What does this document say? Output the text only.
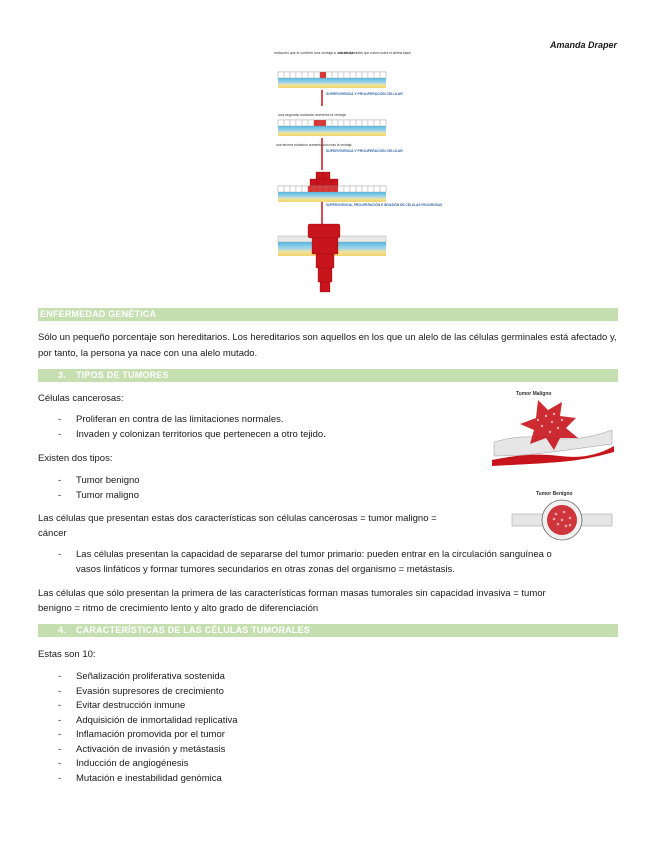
Amanda Draper
mutación que le confiere una ventaja a una célula
células epiteliales que crecen sobre la lámina basal
SUPERVIVENCIA Y PROLIFERACIÓN CELULAR
una segunda mutación aumenta la ventaja
una tercera mutación aumenta aún más la ventaja
SUPERVIVENCIA Y PROLIFERACIÓN CELULAR
SUPERVIVENCIA, PROLIFERACIÓN E INVASIÓN DE CÉLULAS PELIGROSAS
ENFERMEDAD GENÉTICA
Sólo un pequeño porcentaje son hereditarios. Los hereditarios son aquellos en los que un alelo de las células germinales está afectado y, por tanto, la persona ya nace con una alelo mutado.
3. TIPOS DE TUMORES
Células cancerosas:
- Proliferan en contra de las limitaciones normales.
- Invaden y colonizan territorios que pertenecen a otro tejido.
Existen dos tipos:
- Tumor benigno
- Tumor maligno
Las células que presentan estas dos características son células cancerosas = tumor maligno =
cáncer
- Las células presentan la capacidad de separarse del tumor primario: pueden entrar en la circulación sanguínea o
vasos linfáticos y formar tumores secundarios en otras zonas del organismo = metástasis.
Las células que sólo presentan la primera de las características forman masas tumorales sin capacidad invasiva = tumor
benigno = ritmo de crecimiento lento y alto grado de diferenciación
Tumor Maligno
Tumor Benigno
4. CARACTERÍSTICAS DE LAS CÉLULAS TUMORALES
Estas son 10:
- Señalización proliferativa sostenida
- Evasión supresores de crecimiento
- Evitar destrucción inmune
- Adquisición de inmortalidad replicativa
- Inflamación promovida por el tumor
- Activación de invasión y metástasis
- Inducción de angiogénesis
- Mutación e inestabilidad genómica
